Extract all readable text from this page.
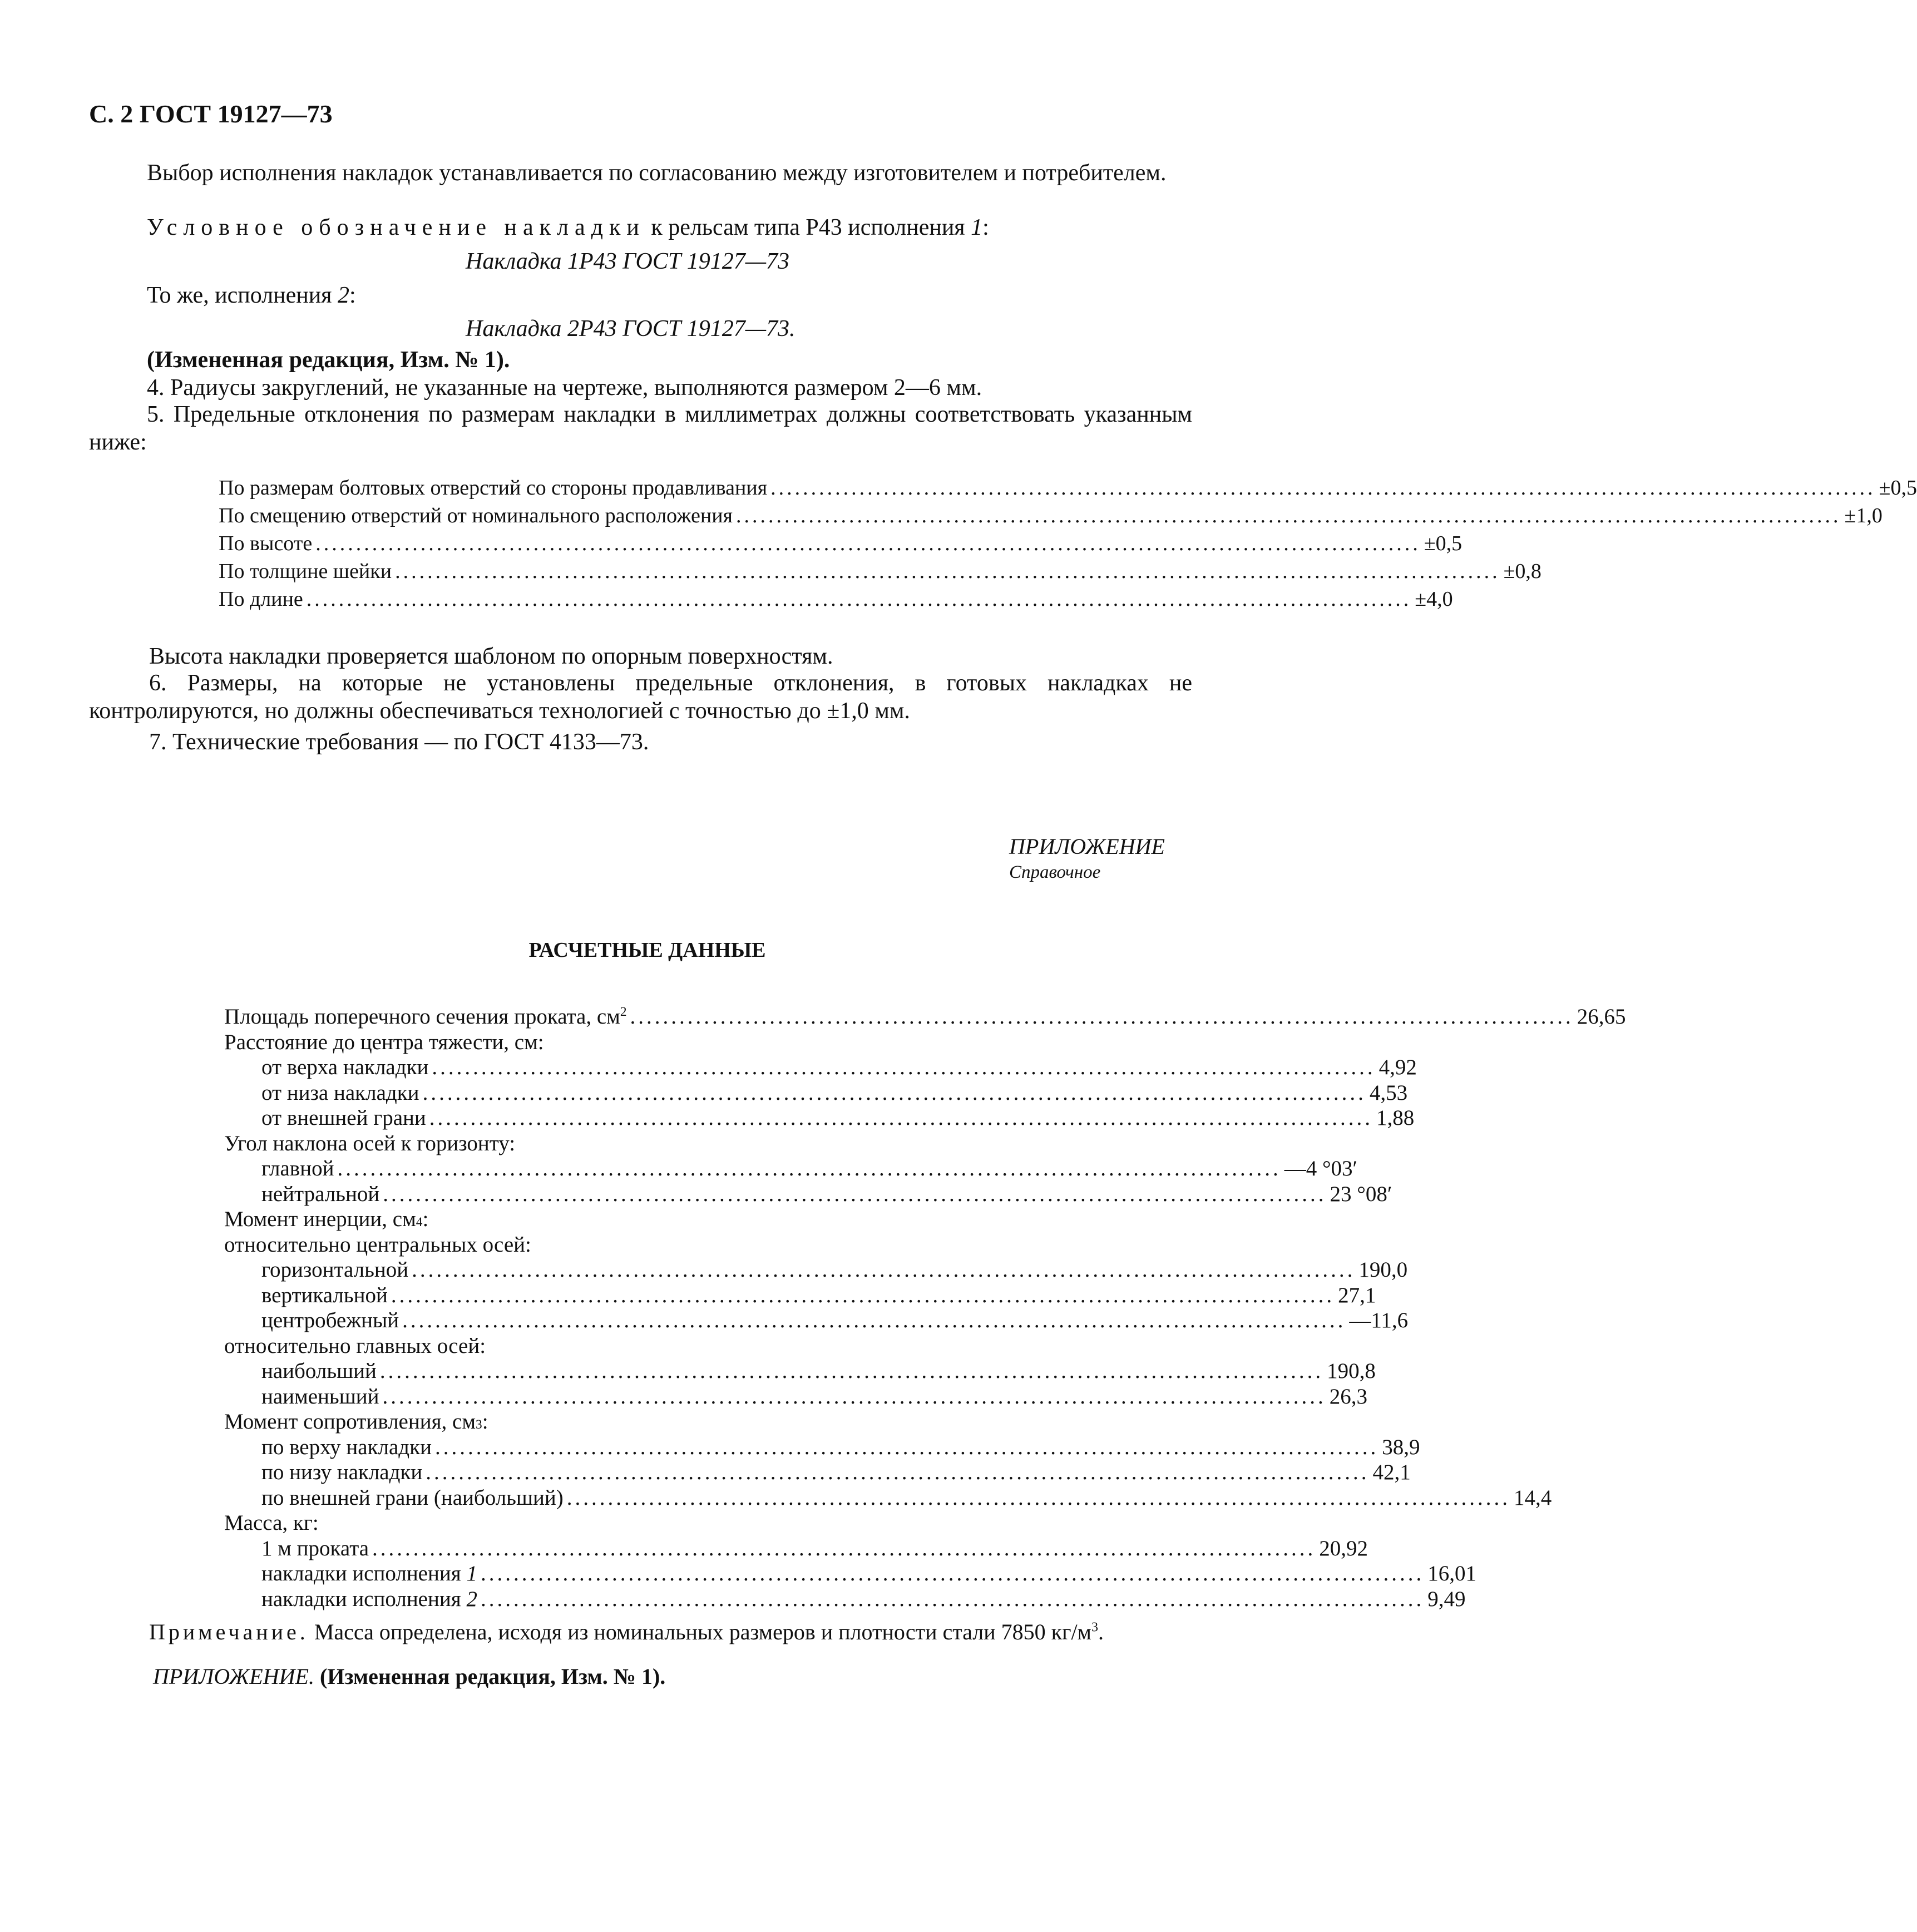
С. 2 ГОСТ 19127—73
Выбор исполнения накладок устанавливается по согласованию между изготовителем и потребителем.
Условное обозначение накладки к рельсам типа Р43 исполнения 1:
Накладка 1Р43 ГОСТ 19127—73
То же, исполнения 2:
Накладка 2Р43 ГОСТ 19127—73.
(Измененная редакция, Изм. № 1).
4. Радиусы закруглений, не указанные на чертеже, выполняются размером 2—6 мм.
5. Предельные отклонения по размерам накладки в миллиметрах должны соответствовать указанным ниже:
По размерам болтовых отверстий со стороны продавливания ......................................................................................................................................... ±0,5
По смещению отверстий от номинального расположения ......................................................................................................................................... ±1,0
По высоте ......................................................................................................................................... ±0,5
По толщине шейки ......................................................................................................................................... ±0,8
По длине ......................................................................................................................................... ±4,0
Высота накладки проверяется шаблоном по опорным поверхностям.
6. Размеры, на которые не установлены предельные отклонения, в готовых накладках не контролируются, но должны обеспечиваться технологией с точностью до ±1,0 мм.
7. Технические требования — по ГОСТ 4133—73.
ПРИЛОЖЕНИЕ
Справочное
РАСЧЕТНЫЕ ДАННЫЕ
Площадь поперечного сечения проката, $см^2$ ................................................................................................................... 26,65
Расстояние до центра тяжести, см:
от верха накладки ................................................................................................................... 4,92
от низа накладки ................................................................................................................... 4,53
от внешней грани ................................................................................................................... 1,88
Угол наклона осей к горизонту:
главной ................................................................................................................... —4 °03′
нейтральной ................................................................................................................... 23 °08′
Момент инерции, см 4 :
относительно центральных осей:
горизонтальной ................................................................................................................... 190,0
вертикальной ................................................................................................................... 27,1
центробежный ................................................................................................................... —11,6
относительно главных осей:
наибольший ................................................................................................................... 190,8
наименьший ................................................................................................................... 26,3
Момент сопротивления, см 3 :
по верху накладки ................................................................................................................... 38,9
по низу накладки ................................................................................................................... 42,1
по внешней грани (наибольший) ................................................................................................................... 14,4
Масса, кг:
1 м проката ................................................................................................................... 20,92
накладки исполнения 1 ................................................................................................................... 16,01
накладки исполнения 2 ................................................................................................................... 9,49
Примечание. Масса определена, исходя из номинальных размеров и плотности стали 7850 $кг/м^3$.
ПРИЛОЖЕНИЕ. (Измененная редакция, Изм. № 1).
